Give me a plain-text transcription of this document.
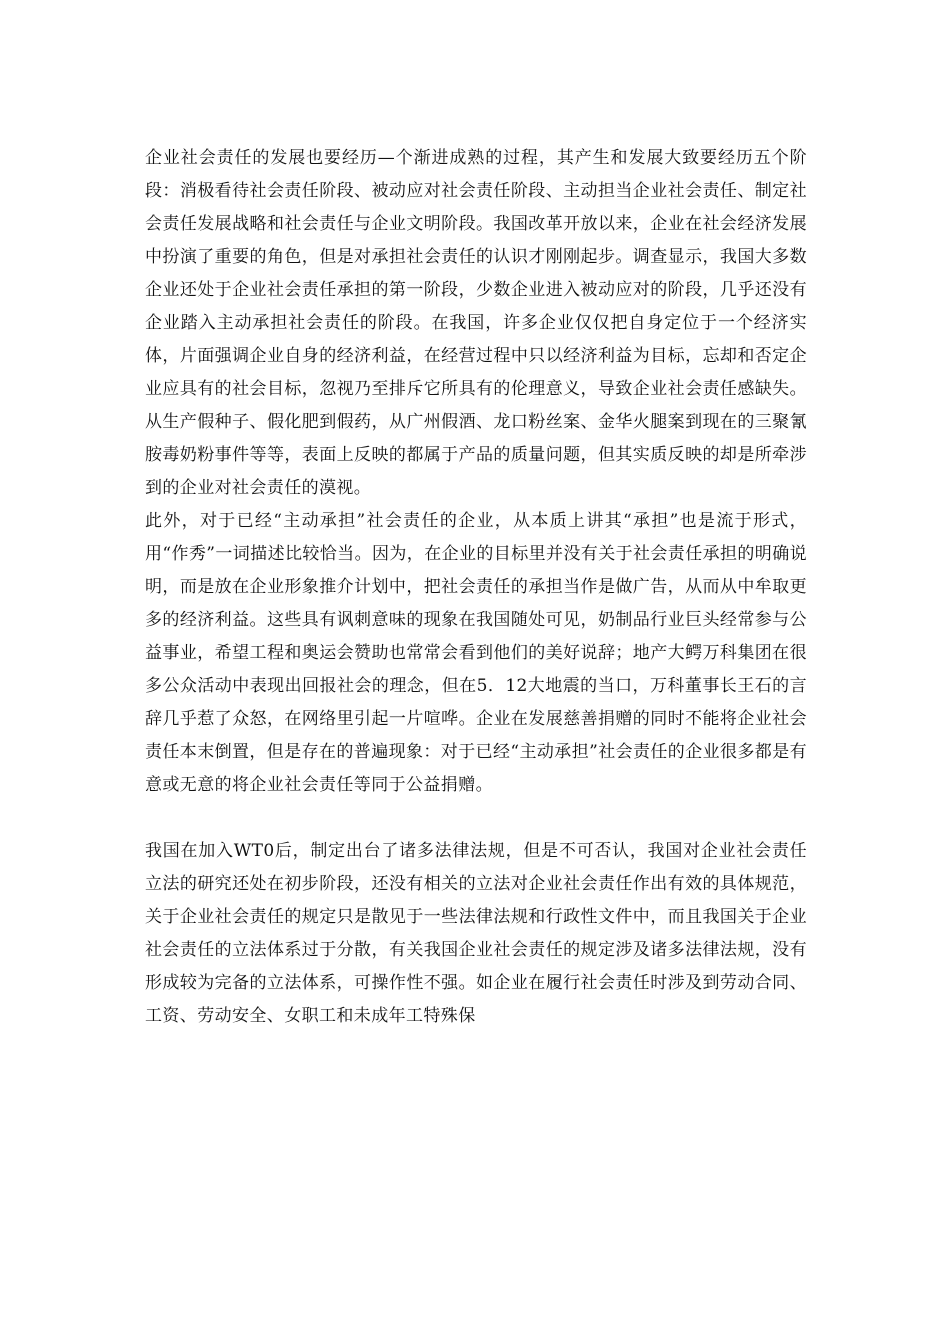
企业社会责任的发展也要经历—个渐进成熟的过程，其产生和发展大致要经历五个阶段：消极看待社会责任阶段、被动应对社会责任阶段、主动担当企业社会责任、制定社会责任发展战略和社会责任与企业文明阶段。我国改革开放以来，企业在社会经济发展中扮演了重要的角色，但是对承担社会责任的认识才刚刚起步。调查显示，我国大多数企业还处于企业社会责任承担的第一阶段，少数企业进入被动应对的阶段，几乎还没有企业踏入主动承担社会责任的阶段。在我国，许多企业仅仅把自身定位于一个经济实体，片面强调企业自身的经济利益，在经营过程中只以经济利益为目标，忘却和否定企业应具有的社会目标，忽视乃至排斥它所具有的伦理意义，导致企业社会责任感缺失。从生产假种子、假化肥到假药，从广州假酒、龙口粉丝案、金华火腿案到现在的三聚氰胺毒奶粉事件等等，表面上反映的都属于产品的质量问题，但其实质反映的却是所牵涉到的企业对社会责任的漠视。

此外，对于已经“主动承担”社会责任的企业，从本质上讲其“承担”也是流于形式，用“作秀”一词描述比较恰当。因为，在企业的目标里并没有关于社会责任承担的明确说明，而是放在企业形象推介计划中，把社会责任的承担当作是做广告，从而从中牟取更多的经济利益。这些具有讽刺意味的现象在我国随处可见，奶制品行业巨头经常参与公益事业，希望工程和奥运会赞助也常常会看到他们的美好说辞；地产大鳄万科集团在很多公众活动中表现出回报社会的理念，但在5．12大地震的当口，万科董事长王石的言辞几乎惹了众怒，在网络里引起一片喧哗。企业在发展慈善捐赠的同时不能将企业社会责任本末倒置，但是存在的普遍现象：对于已经“主动承担”社会责任的企业很多都是有意或无意的将企业社会责任等同于公益捐赠。

我国在加入WT0后，制定出台了诸多法律法规，但是不可否认，我国对企业社会责任立法的研究还处在初步阶段，还没有相关的立法对企业社会责任作出有效的具体规范，关于企业社会责任的规定只是散见于一些法律法规和行政性文件中，而且我国关于企业社会责任的立法体系过于分散，有关我国企业社会责任的规定涉及诸多法律法规，没有形成较为完备的立法体系，可操作性不强。如企业在履行社会责任时涉及到劳动合同、工资、劳动安全、女职工和未成年工特殊保
